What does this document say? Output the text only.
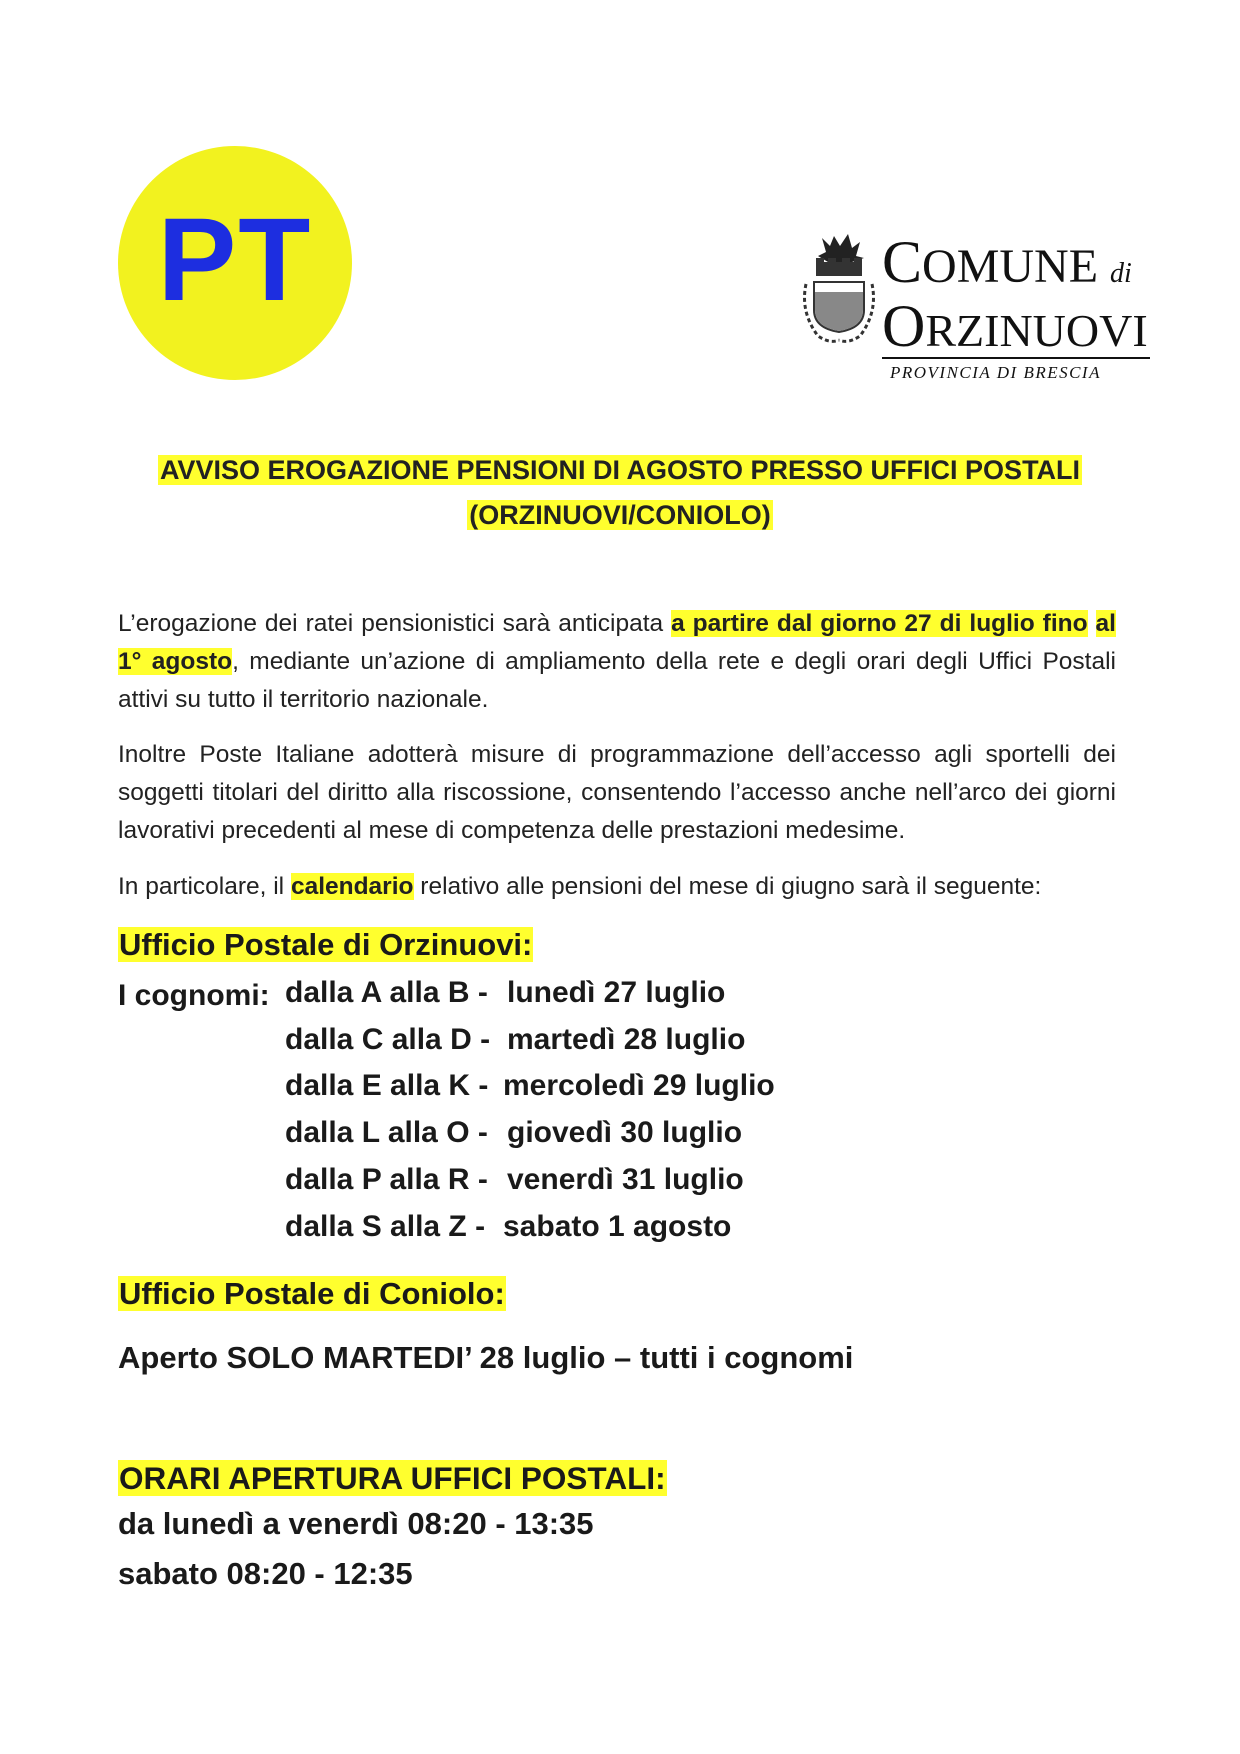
PT	COMUNE di
ORZINUOVI
PROVINCIA DI BRESCIA
AVVISO EROGAZIONE PENSIONI DI AGOSTO PRESSO UFFICI POSTALI
(ORZINUOVI/CONIOLO)
L’erogazione dei ratei pensionistici sarà anticipata a partire dal giorno 27 di luglio fino al 1° agosto, mediante un’azione di ampliamento della rete e degli orari degli Uffici Postali attivi su tutto il territorio nazionale.
Inoltre Poste Italiane adotterà misure di programmazione dell’accesso agli sportelli dei soggetti titolari del diritto alla riscossione, consentendo l’accesso anche nell’arco dei giorni lavorativi precedenti al mese di competenza delle prestazioni medesime.
In particolare, il calendario relativo alle pensioni del mese di giugno sarà il seguente:
Ufficio Postale di Orzinuovi:
I cognomi: dalla A alla B - lunedì 27 luglio
dalla C alla D - martedì 28 luglio
dalla E alla K - mercoledì 29 luglio
dalla L alla O - giovedì 30 luglio
dalla P alla R - venerdì 31 luglio
dalla S alla Z - sabato 1 agosto
Ufficio Postale di Coniolo:
Aperto SOLO MARTEDI’ 28 luglio – tutti i cognomi
ORARI APERTURA UFFICI POSTALI:
da lunedì a venerdì 08:20 - 13:35
sabato 08:20 - 12:35
